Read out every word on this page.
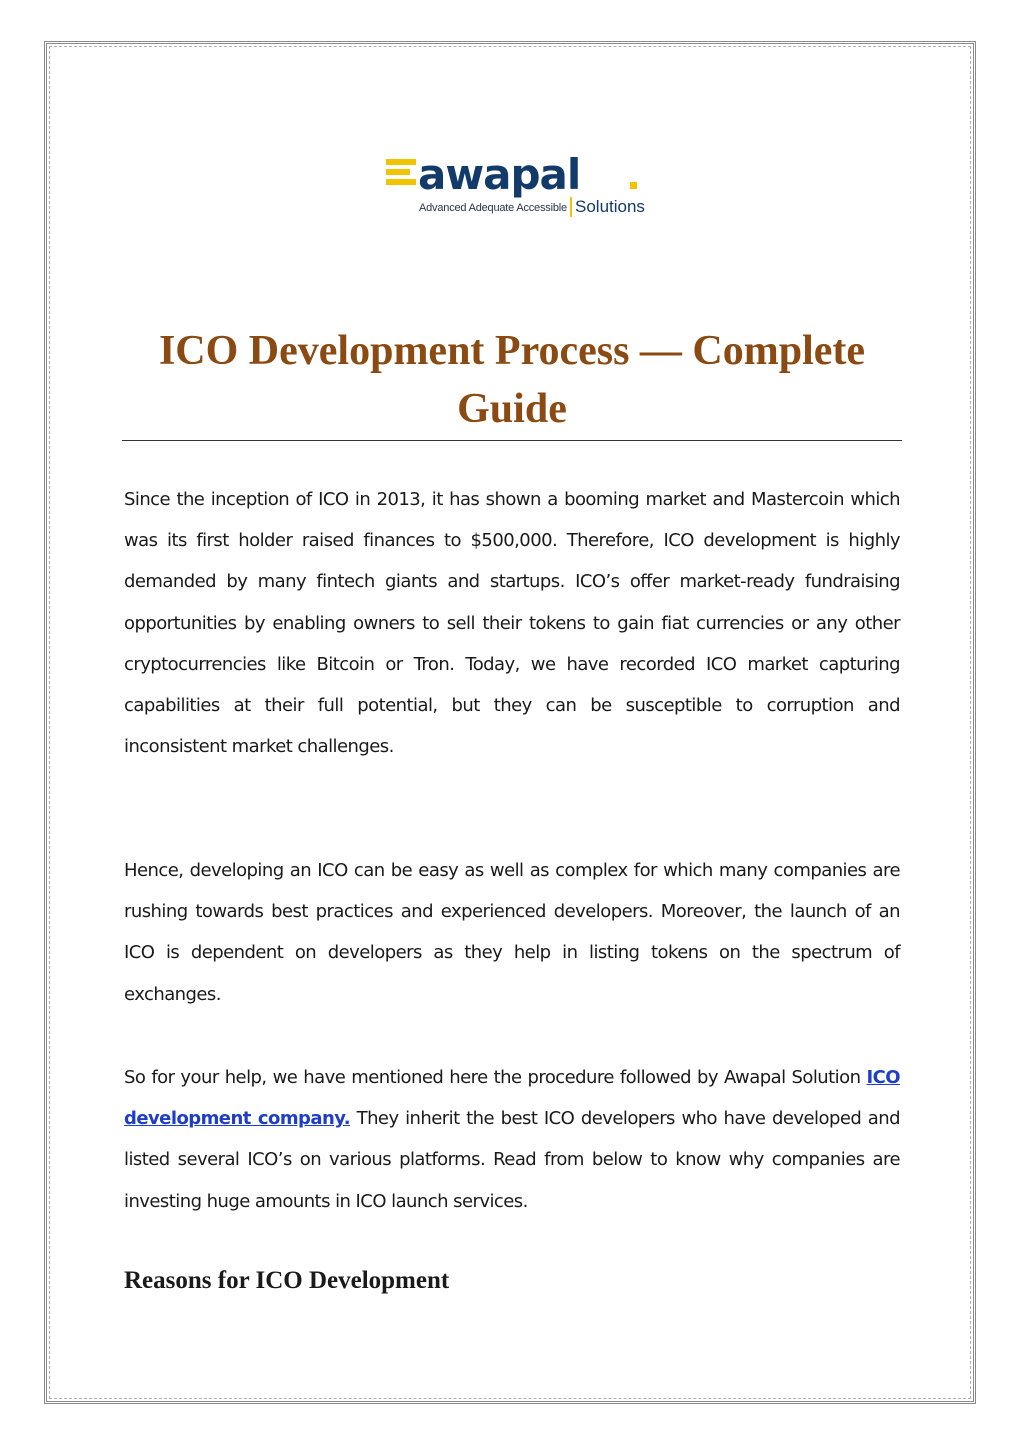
awapal
Advanced Adequate Accessible Solutions
ICO Development Process — Complete Guide

Since the inception of ICO in 2013, it has shown a booming market and Mastercoin which was its first holder raised finances to $500,000. Therefore, ICO development is highly demanded by many fintech giants and startups. ICO’s offer market-ready fundraising opportunities by enabling owners to sell their tokens to gain fiat currencies or any other cryptocurrencies like Bitcoin or Tron. Today, we have recorded ICO market capturing capabilities at their full potential, but they can be susceptible to corruption and inconsistent market challenges.

Hence, developing an ICO can be easy as well as complex for which many companies are rushing towards best practices and experienced developers. Moreover, the launch of an ICO is dependent on developers as they help in listing tokens on the spectrum of exchanges.

So for your help, we have mentioned here the procedure followed by Awapal Solution ICO development company. They inherit the best ICO developers who have developed and listed several ICO’s on various platforms. Read from below to know why companies are investing huge amounts in ICO launch services.

Reasons for ICO Development
